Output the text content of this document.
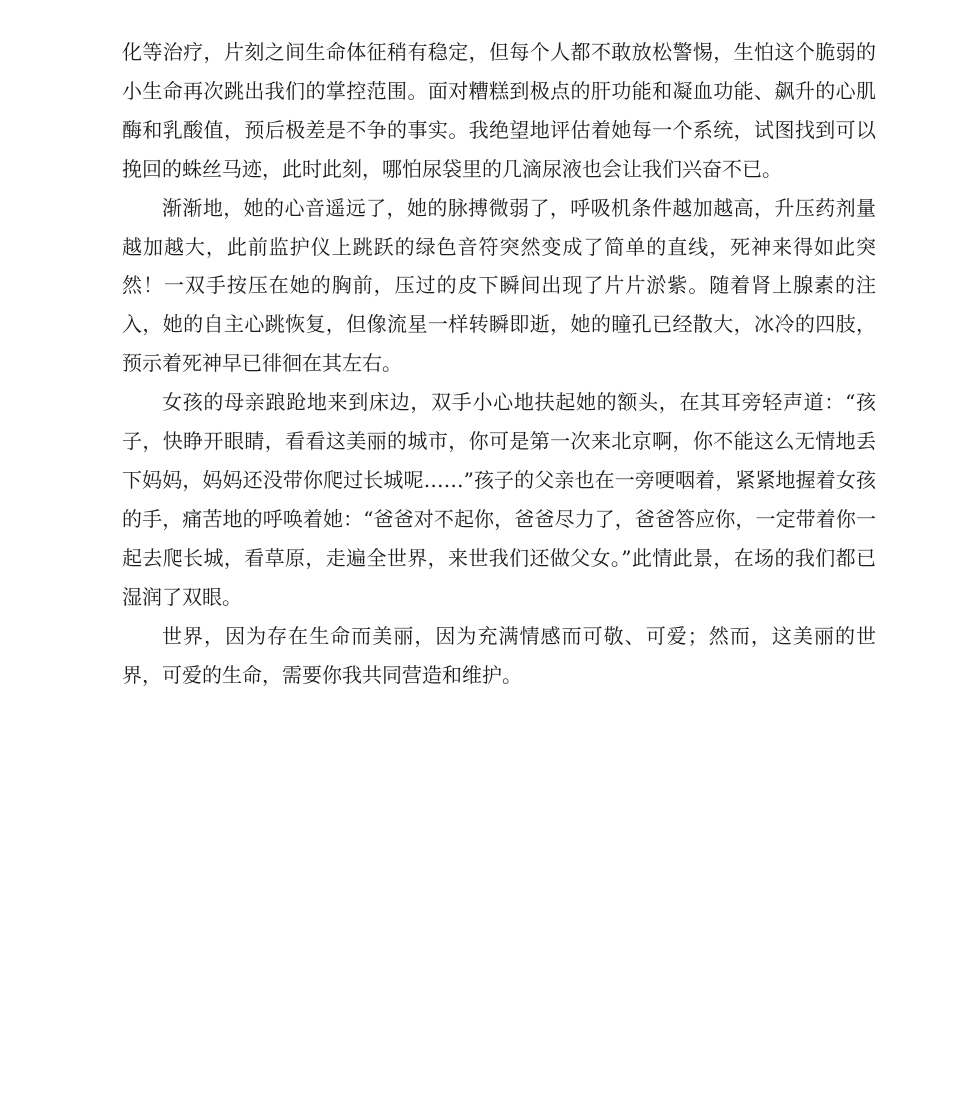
化等治疗，片刻之间生命体征稍有稳定，但每个人都不敢放松警惕，生怕这个脆弱的小生命再次跳出我们的掌控范围。面对糟糕到极点的肝功能和凝血功能、飙升的心肌酶和乳酸值，预后极差是不争的事实。我绝望地评估着她每一个系统，试图找到可以挽回的蛛丝马迹，此时此刻，哪怕尿袋里的几滴尿液也会让我们兴奋不已。

渐渐地，她的心音遥远了，她的脉搏微弱了，呼吸机条件越加越高，升压药剂量越加越大，此前监护仪上跳跃的绿色音符突然变成了简单的直线，死神来得如此突然！一双手按压在她的胸前，压过的皮下瞬间出现了片片淤紫。随着肾上腺素的注入，她的自主心跳恢复，但像流星一样转瞬即逝，她的瞳孔已经散大，冰冷的四肢，预示着死神早已徘徊在其左右。

女孩的母亲踉跄地来到床边，双手小心地扶起她的额头，在其耳旁轻声道：“孩子，快睁开眼睛，看看这美丽的城市，你可是第一次来北京啊，你不能这么无情地丢下妈妈，妈妈还没带你爬过长城呢……”孩子的父亲也在一旁哽咽着，紧紧地握着女孩的手，痛苦地的呼唤着她：“爸爸对不起你，爸爸尽力了，爸爸答应你，一定带着你一起去爬长城，看草原，走遍全世界，来世我们还做父女。”此情此景，在场的我们都已湿润了双眼。

世界，因为存在生命而美丽，因为充满情感而可敬、可爱；然而，这美丽的世界，可爱的生命，需要你我共同营造和维护。
